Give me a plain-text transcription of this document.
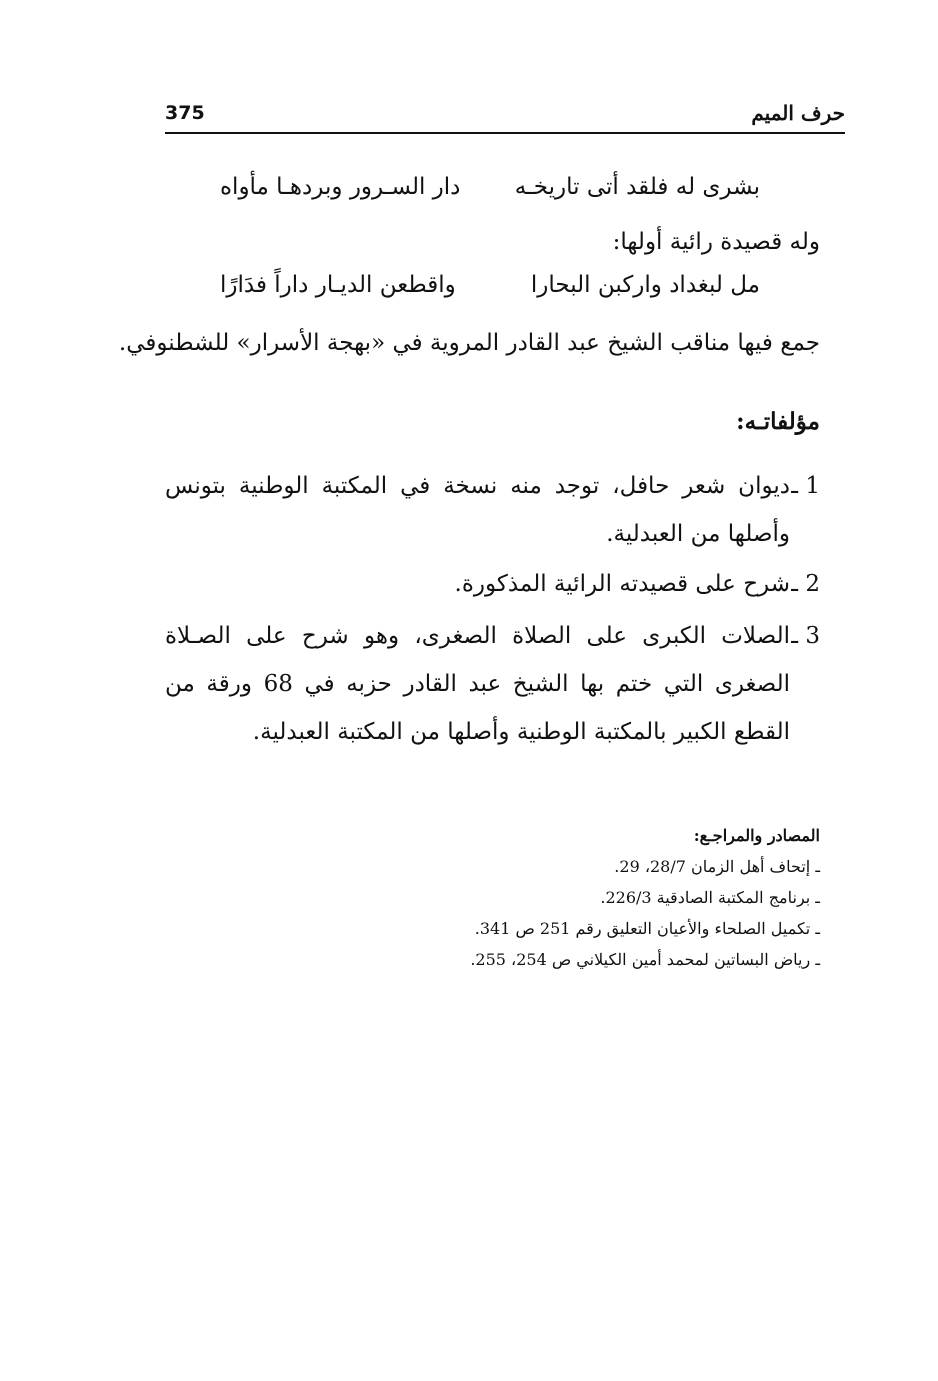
375	حرف الميم
بشرى له فلقد أتى تاريخـه
دار السـرور وبردهـا مأواه
وله قصيدة رائية أولها:
مل لبغداد واركبن البحارا
واقطعن الديـار داراً فدَارًا
جمع فيها مناقب الشيخ عبد القادر المروية في «بهجة الأسرار» للشطنوفي.
مؤلفاتـه:
1 ـ
ديوان شعر حافل، توجد منه نسخة في المكتبة الوطنية بتونس وأصلها من العبدلية.
2 ـ
شرح على قصيدته الرائية المذكورة.
3 ـ
الصلات الكبرى على الصلاة الصغرى، وهو شرح على الصـلاة الصغرى التي ختم بها الشيخ عبد القادر حزبه في 68 ورقة من القطع الكبير بالمكتبة الوطنية وأصلها من المكتبة العبدلية.
المصادر والمراجـع:
ـ إتحاف أهل الزمان 28/7، 29.
ـ برنامج المكتبة الصادقية 226/3.
ـ تكميل الصلحاء والأعيان التعليق رقم 251 ص 341.
ـ رياض البساتين لمحمد أمين الكيلاني ص 254، 255.
